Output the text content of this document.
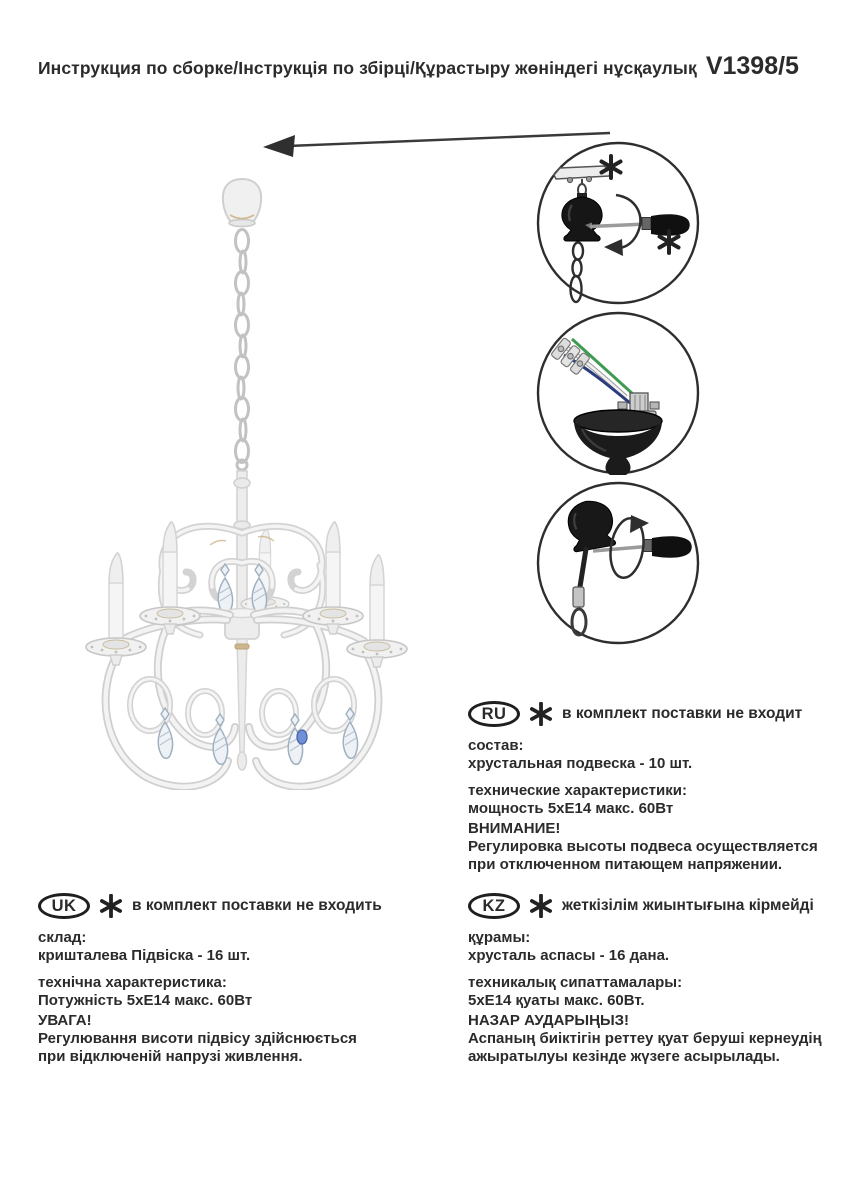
Инструкция по сборке/Інструкція по збірці/Құрастыру жөніндегі нұсқаулық V1398/5
RU	в комплект поставки не входит
состав:
хрустальная подвеска - 10 шт.
технические характеристики:
мощность 5xE14 макс. 60Вт
ВНИМАНИЕ!
Регулировка высоты подвеса осуществляется
при отключенном питающем напряжении.
UK	в комплект поставки не входить
склад:
кришталева Підвіска - 16 шт.
технічна характеристика:
Потужність 5xE14 макс. 60Вт
УВАГА!
Регулювання висоти підвісу здійснюється
при відключеній напрузі живлення.
KZ	жеткізілім жиынтығына кірмейді
құрамы:
хрусталь аспасы - 16 дана.
техникалық сипаттамалары:
5xE14 қуаты макс. 60Вт.
НАЗАР АУДАРЫҢЫЗ!
Аспаның биіктігін реттеу қуат беруші кернеудің
ажыратылуы кезінде жүзеге асырылады.
